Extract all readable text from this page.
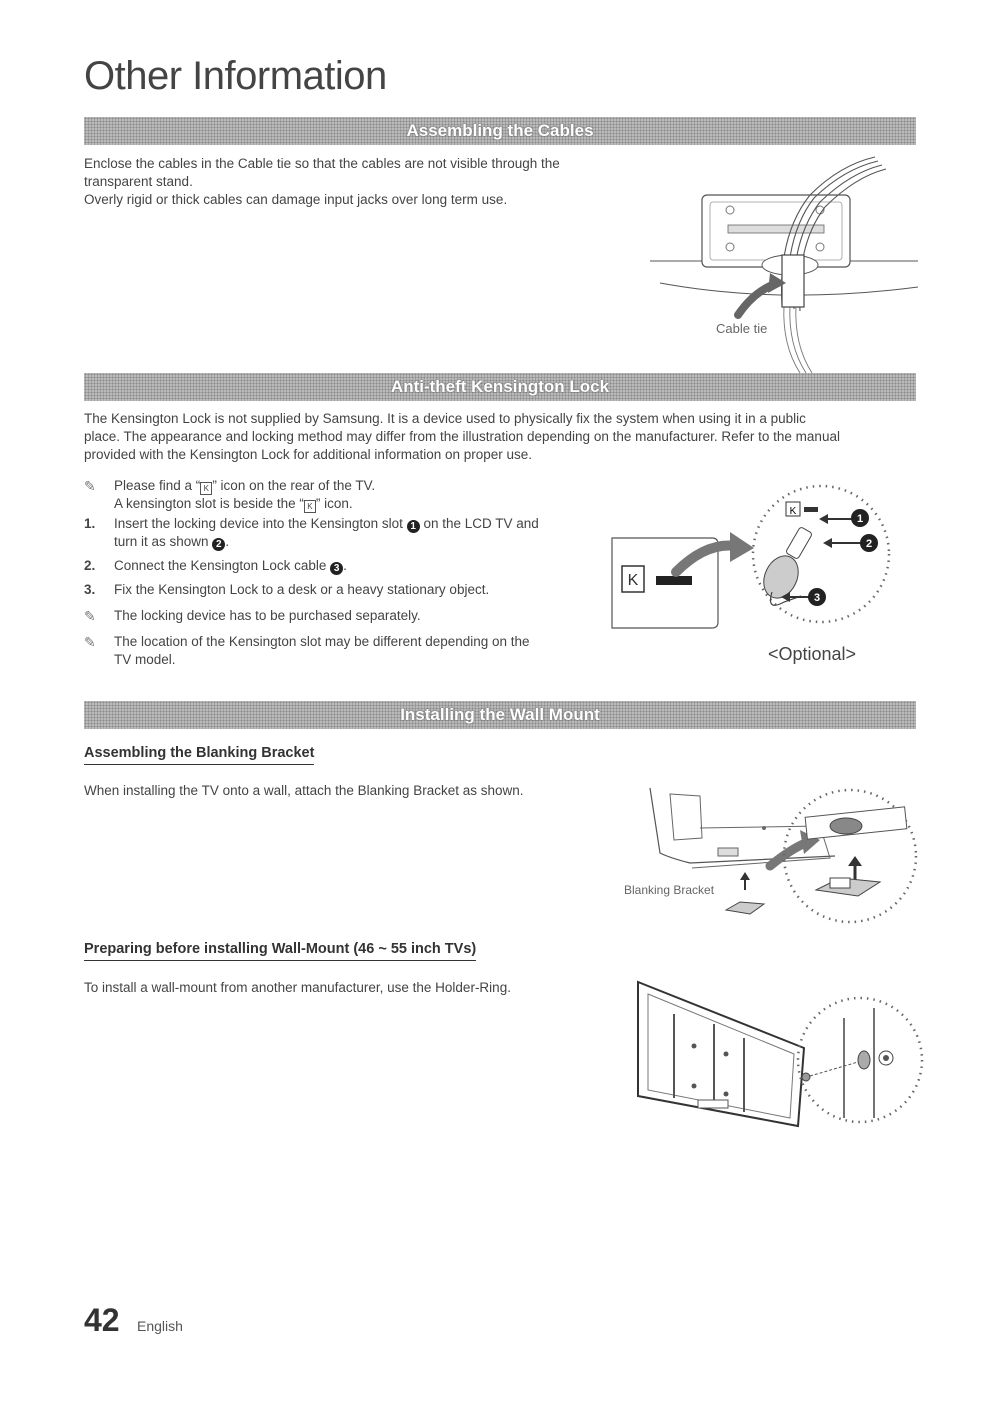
Other Information
Assembling the Cables

Enclose the cables in the Cable tie so that the cables are not visible through the

transparent stand.

Overly rigid or thick cables can damage input jacks over long term use.

Cable tie
Anti-theft Kensington Lock

The Kensington Lock is not supplied by Samsung. It is a device used to physically fix the system when using it in a public

place. The appearance and locking method may differ from the illustration depending on the manufacturer. Refer to the manual

provided with the Kensington Lock for additional information on proper use.

✎	Please find a “ K ” icon on the rear of the TV.
A kensington slot is beside the “ K ” icon.
1.	Insert the locking device into the Kensington slot 1 on the LCD TV and
turn it as shown 2 .
2.	Connect the Kensington Lock cable 3 .
3.	Fix the Kensington Lock to a desk or a heavy stationary object.
✎	The locking device has to be purchased separately.
✎	The location of the Kensington slot may be different depending on the
TV model.
K
K
1
2
3
<Optional>
Installing the Wall Mount

Assembling the Blanking Bracket

When installing the TV onto a wall, attach the Blanking Bracket as shown.

Blanking Bracket

Preparing before installing Wall-Mount (46 ~ 55 inch TVs)

To install a wall-mount from another manufacturer, use the Holder-Ring.

42 English
